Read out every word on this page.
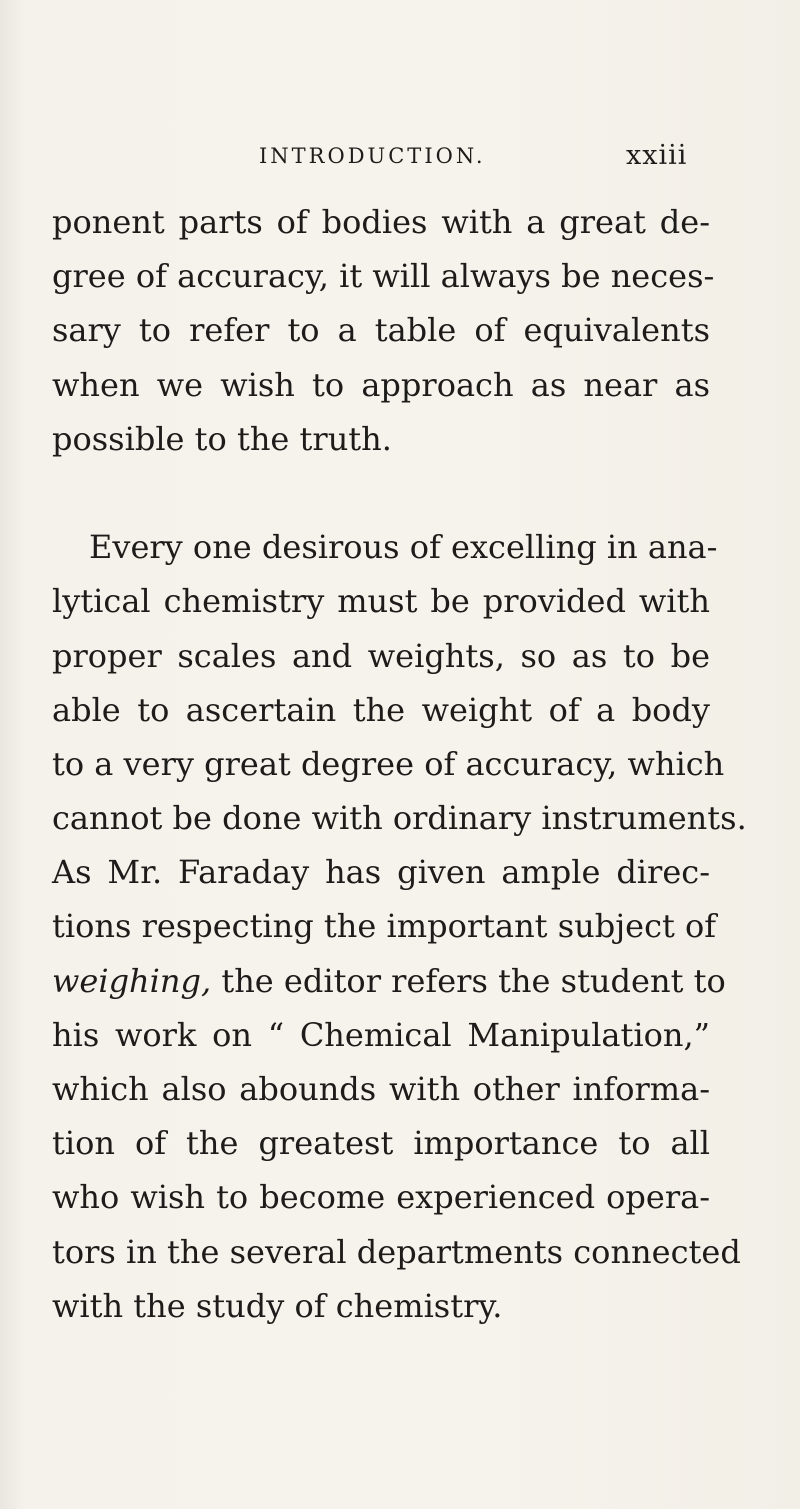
INTRODUCTION.	xxiii
ponent parts of bodies with a great de-
gree of accuracy, it will always be neces-
sary to refer to a table of equivalents
when we wish to approach as near as
possible to the truth.
Every one desirous of excelling in ana-
lytical chemistry must be provided with
proper scales and weights, so as to be
able to ascertain the weight of a body
to a very great degree of accuracy, which
cannot be done with ordinary instruments.
As Mr. Faraday has given ample direc-
tions respecting the important subject of
weighing, the editor refers the student to
his work on “ Chemical Manipulation,”
which also abounds with other informa-
tion of the greatest importance to all
who wish to become experienced opera-
tors in the several departments connected
with the study of chemistry.
